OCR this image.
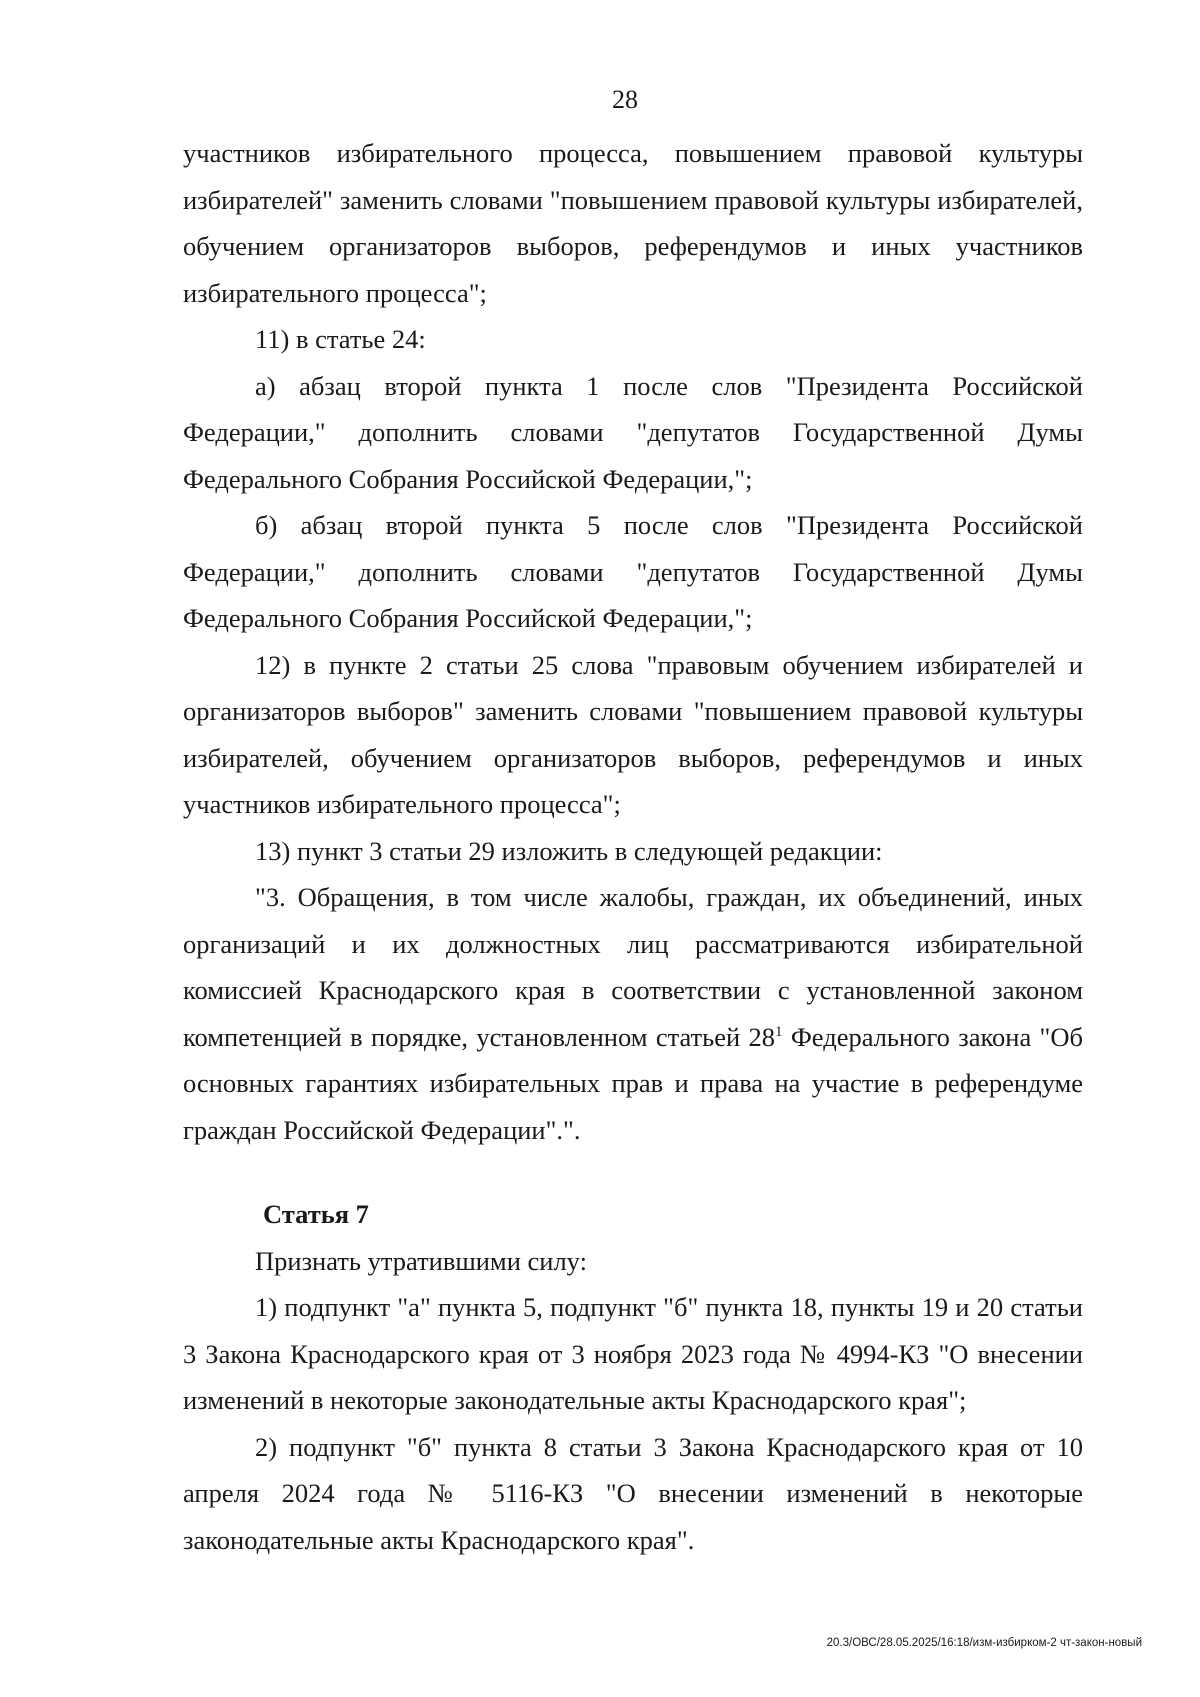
28

участников избирательного процесса, повышением правовой культуры избирателей" заменить словами "повышением правовой культуры избирателей, обучением организаторов выборов, референдумов и иных участников избирательного процесса";

11) в статье 24:

а) абзац второй пункта 1 после слов "Президента Российской Федерации," дополнить словами "депутатов Государственной Думы Федерального Собрания Российской Федерации,";

б) абзац второй пункта 5 после слов "Президента Российской Федерации," дополнить словами "депутатов Государственной Думы Федерального Собрания Российской Федерации,";

12) в пункте 2 статьи 25 слова "правовым обучением избирателей и организаторов выборов" заменить словами "повышением правовой культуры избирателей, обучением организаторов выборов, референдумов и иных участников избирательного процесса";

13) пункт 3 статьи 29 изложить в следующей редакции:

"3. Обращения, в том числе жалобы, граждан, их объединений, иных организаций и их должностных лиц рассматриваются избирательной комиссией Краснодарского края в соответствии с установленной законом компетенцией в порядке, установленном статьей $28^1$ Федерального закона "Об основных гарантиях избирательных прав и права на участие в референдуме граждан Российской Федерации".".

Статья 7

Признать утратившими силу:

1) подпункт "а" пункта 5, подпункт "б" пункта 18, пункты 19 и 20 статьи 3 Закона Краснодарского края от 3 ноября 2023 года № 4994-КЗ "О внесении изменений в некоторые законодательные акты Краснодарского края";

2) подпункт "б" пункта 8 статьи 3 Закона Краснодарского края от 10 апреля 2024 года № 5116-КЗ "О внесении изменений в некоторые законодательные акты Краснодарского края".

20.3/ОВС/28.05.2025/16:18/изм-избирком-2 чт-закон-новый
